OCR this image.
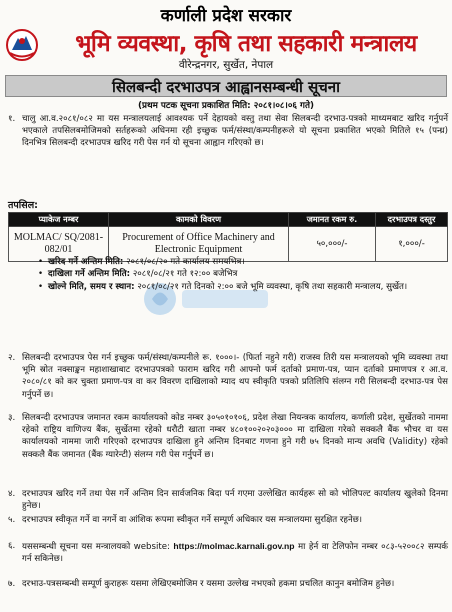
कर्णाली प्रदेश सरकार
भूमि व्यवस्था, कृषि तथा सहकारी मन्त्रालय
वीरेन्द्रनगर, सुर्खेत, नेपाल
सिलबन्दी दरभाउपत्र आह्वानसम्बन्धी सूचना
(प्रथम पटक सूचना प्रकाशित मिति: २०८१।०८।०६ गते)
१. चालु आ.व.२०८१/०८२ मा यस मन्त्रालयलाई आवश्यक पर्ने देहायको वस्तु तथा सेवा सिलबन्दी दरभाउ-पत्रको माध्यमबाट खरिद गर्नुपर्ने भएकाले तपसिलबमोजिमको सर्तहरूको अधिनमा रही इच्छुक फर्म/संस्था/कम्पनीहरूले यो सूचना प्रकाशित भएको मितिले १५ (पन्ध्र) दिनभित्र सिलबन्दी दरभाउपत्र खरिद गरी पेस गर्न यो सूचना आह्वान गरिएको छ।
तपसिल:
प्याकेज नम्बर	कामको विवरण	जमानत रकम रु.	दरभाउपत्र दस्तुर
MOLMAC/ SQ/2081-082/01	Procurement of Office Machinery and Electronic Equipment	५०,०००/-	१,०००/-
• खरिद गर्ने अन्तिम मिति: २०८१/०८/२० गते कार्यालय समयभित्र।
• दाखिला गर्ने अन्तिम मिति: २०८१/०८/२१ गते १२:०० बजेभित्र
• खोल्ने मिति, समय र स्थान: २०८१/०८/२१ गते दिनको २:०० बजे भूमि व्यवस्था, कृषि तथा सहकारी मन्त्रालय, सुर्खेत।
२. सिलबन्दी दरभाउपत्र पेस गर्न इच्छुक फर्म/संस्था/कम्पनीले रू. १०००।- (फिर्ता नहुने गरी) राजस्व तिरी यस मन्त्रालयको भूमि व्यवस्था तथा भूमि स्रोत नक्साङ्कन महाशाखाबाट दरभाउपत्रको फाराम खरिद गरी आफ्नो फर्म दर्ताको प्रमाण-पत्र, प्यान दर्ताको प्रमाणपत्र र आ.व. २०८०/८१ को कर चुक्ता प्रमाण-पत्र वा कर विवरण दाखिलाको म्याद थप स्वीकृति पत्रको प्रतिलिपि संलग्न गरी सिलबन्दी दरभाउ-पत्र पेस गर्नुपर्ने छ।
३. सिलबन्दी दरभाउपत्र जमानत रकम कार्यालयको कोड नम्बर ३०५०१०१०६, प्रदेश लेखा नियन्त्रक कार्यालय, कर्णाली प्रदेश, सुर्खेतको नाममा रहेको राष्ट्रिय वाणिज्य बैंक, सुर्खेतमा रहेको धरौटी खाता नम्बर ४८०१००२०२०३००० मा दाखिला गरेको सक्कलै बैंक भौचर वा यस कार्यालयको नाममा जारी गरिएको दरभाउपत्र दाखिला हुने अन्तिम दिनबाट गणना हुने गरी ७५ दिनको मान्य अवधि (Validity) रहेको सक्कलै बैंक जमानत (बैंक ग्यारेन्टी) संलग्न गरी पेस गर्नुपर्ने छ।
४. दरभाउपत्र खरिद गर्ने तथा पेस गर्ने अन्तिम दिन सार्वजनिक बिदा पर्न गएमा उल्लेखित कार्यहरू सो को भोलिपल्ट कार्यालय खुलेको दिनमा हुनेछ।
५. दरभाउपत्र स्वीकृत गर्ने वा नगर्ने वा आंशिक रूपमा स्वीकृत गर्ने सम्पूर्ण अधिकार यस मन्त्रालयमा सुरक्षित रहनेछ।
६. यससम्बन्धी सूचना यस मन्त्रालयको website: https://molmac.karnali.gov.np मा हेर्न वा टेलिफोन नम्बर ०८३-५२००८२ सम्पर्क गर्न सकिनेछ।
७. दरभाउ-पत्रसम्बन्धी सम्पूर्ण कुराहरू यसमा लेखिएबमोजिम र यसमा उल्लेख नभएको हकमा प्रचलित कानुन बमोजिम हुनेछ।
